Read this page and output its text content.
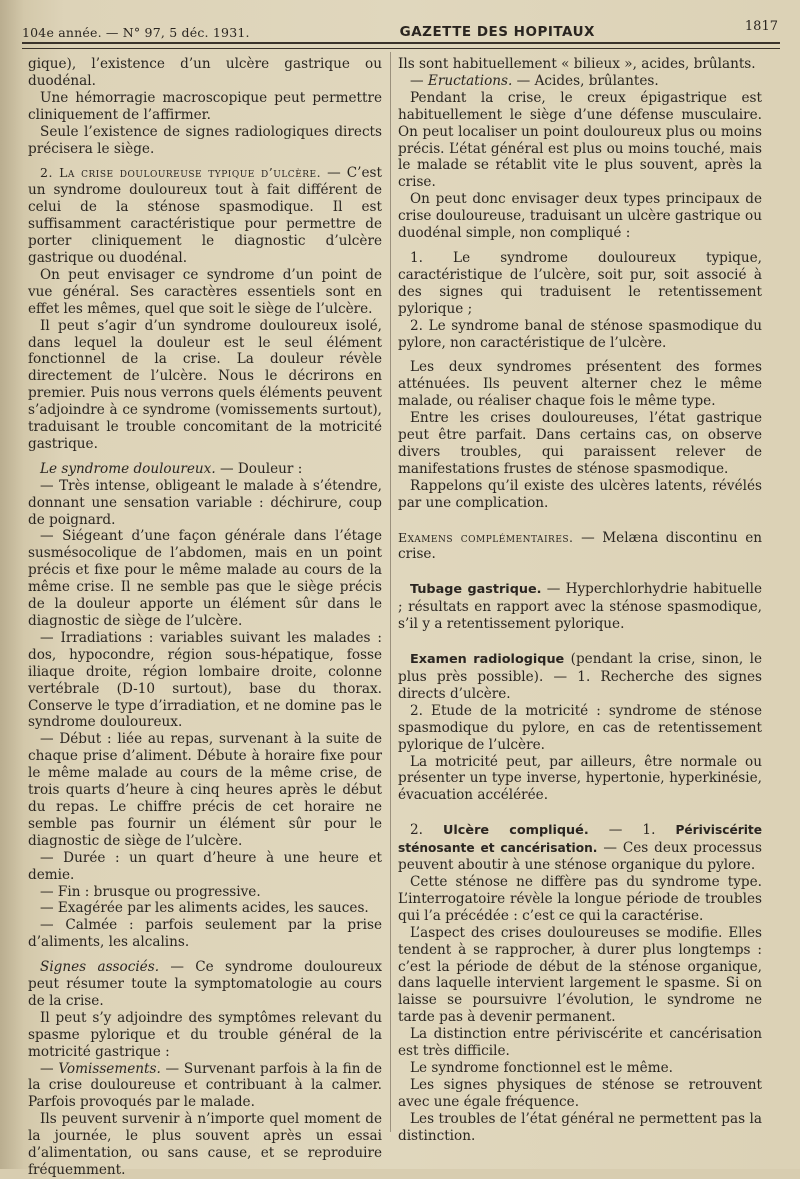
104e année. — N° 97, 5 déc. 1931.	GAZETTE DES HOPITAUX	1817

gique), l’existence d’un ulcère gastrique ou duodénal.

Une hémorragie macroscopique peut permettre cliniquement de l’affirmer.

Seule l’existence de signes radiologiques directs précisera le siège.

2. La crise douloureuse typique d’ulcère. — C’est un syndrome douloureux tout à fait différent de celui de la sténose spasmodique. Il est suffisamment caractéristique pour permettre de porter cliniquement le diagnostic d’ulcère gastrique ou duodénal.

On peut envisager ce syndrome d’un point de vue général. Ses caractères essentiels sont en effet les mêmes, quel que soit le siège de l’ulcère.

Il peut s’agir d’un syndrome douloureux isolé, dans lequel la douleur est le seul élément fonctionnel de la crise. La douleur révèle directement de l’ulcère. Nous le décrirons en premier. Puis nous verrons quels éléments peuvent s’adjoindre à ce syndrome (vomissements surtout), traduisant le trouble concomitant de la motricité gastrique.

Le syndrome douloureux. — Douleur :

— Très intense, obligeant le malade à s’étendre, donnant une sensation variable : déchirure, coup de poignard.

— Siégeant d’une façon générale dans l’étage susmésocolique de l’abdomen, mais en un point précis et fixe pour le même malade au cours de la même crise. Il ne semble pas que le siège précis de la douleur apporte un élément sûr dans le diagnostic de siège de l’ulcère.

— Irradiations : variables suivant les malades : dos, hypocondre, région sous-hépatique, fosse iliaque droite, région lombaire droite, colonne vertébrale (D-10 surtout), base du thorax. Conserve le type d’irradiation, et ne domine pas le syndrome douloureux.

— Début : liée au repas, survenant à la suite de chaque prise d’aliment. Débute à horaire fixe pour le même malade au cours de la même crise, de trois quarts d’heure à cinq heures après le début du repas. Le chiffre précis de cet horaire ne semble pas fournir un élément sûr pour le diagnostic de siège de l’ulcère.

— Durée : un quart d’heure à une heure et demie.

— Fin : brusque ou progressive.

— Exagérée par les aliments acides, les sauces.

— Calmée : parfois seulement par la prise d’aliments, les alcalins.

Signes associés. — Ce syndrome douloureux peut résumer toute la symptomatologie au cours de la crise.

Il peut s’y adjoindre des symptômes relevant du spasme pylorique et du trouble général de la motricité gastrique :

— Vomissements. — Survenant parfois à la fin de la crise douloureuse et contribuant à la calmer. Parfois provoqués par le malade.

Ils peuvent survenir à n’importe quel moment de la journée, le plus souvent après un essai d’alimentation, ou sans cause, et se reproduire fréquemment.

Ils sont habituellement « bilieux », acides, brûlants.

— Eructations. — Acides, brûlantes.

Pendant la crise, le creux épigastrique est habituellement le siège d’une défense musculaire. On peut localiser un point douloureux plus ou moins précis. L’état général est plus ou moins touché, mais le malade se rétablit vite le plus souvent, après la crise.

On peut donc envisager deux types principaux de crise douloureuse, traduisant un ulcère gastrique ou duodénal simple, non compliqué :

1. Le syndrome douloureux typique, caractéristique de l’ulcère, soit pur, soit associé à des signes qui traduisent le retentissement pylorique ;

2. Le syndrome banal de sténose spasmodique du pylore, non caractéristique de l’ulcère.

Les deux syndromes présentent des formes atténuées. Ils peuvent alterner chez le même malade, ou réaliser chaque fois le même type.

Entre les crises douloureuses, l’état gastrique peut être parfait. Dans certains cas, on observe divers troubles, qui paraissent relever de manifestations frustes de sténose spasmodique.

Rappelons qu’il existe des ulcères latents, révélés par une complication.

Examens complémentaires. — Melæna discontinu en crise.

Tubage gastrique. — Hyperchlorhydrie habituelle ; résultats en rapport avec la sténose spasmodique, s’il y a retentissement pylorique.

Examen radiologique (pendant la crise, sinon, le plus près possible). — 1. Recherche des signes directs d’ulcère.

2. Etude de la motricité : syndrome de sténose spasmodique du pylore, en cas de retentissement pylorique de l’ulcère.

La motricité peut, par ailleurs, être normale ou présenter un type inverse, hypertonie, hyperkinésie, évacuation accélérée.

2. Ulcère compliqué. — 1. Périviscérite sténosante et cancérisation. — Ces deux processus peuvent aboutir à une sténose organique du pylore.

Cette sténose ne diffère pas du syndrome type. L’interrogatoire révèle la longue période de troubles qui l’a précédée : c’est ce qui la caractérise.

L’aspect des crises douloureuses se modifie. Elles tendent à se rapprocher, à durer plus longtemps : c’est la période de début de la sténose organique, dans laquelle intervient largement le spasme. Si on laisse se poursuivre l’évolution, le syndrome ne tarde pas à devenir permanent.

La distinction entre périviscérite et cancérisation est très difficile.

Le syndrome fonctionnel est le même.

Les signes physiques de sténose se retrouvent avec une égale fréquence.

Les troubles de l’état général ne permettent pas la distinction.
